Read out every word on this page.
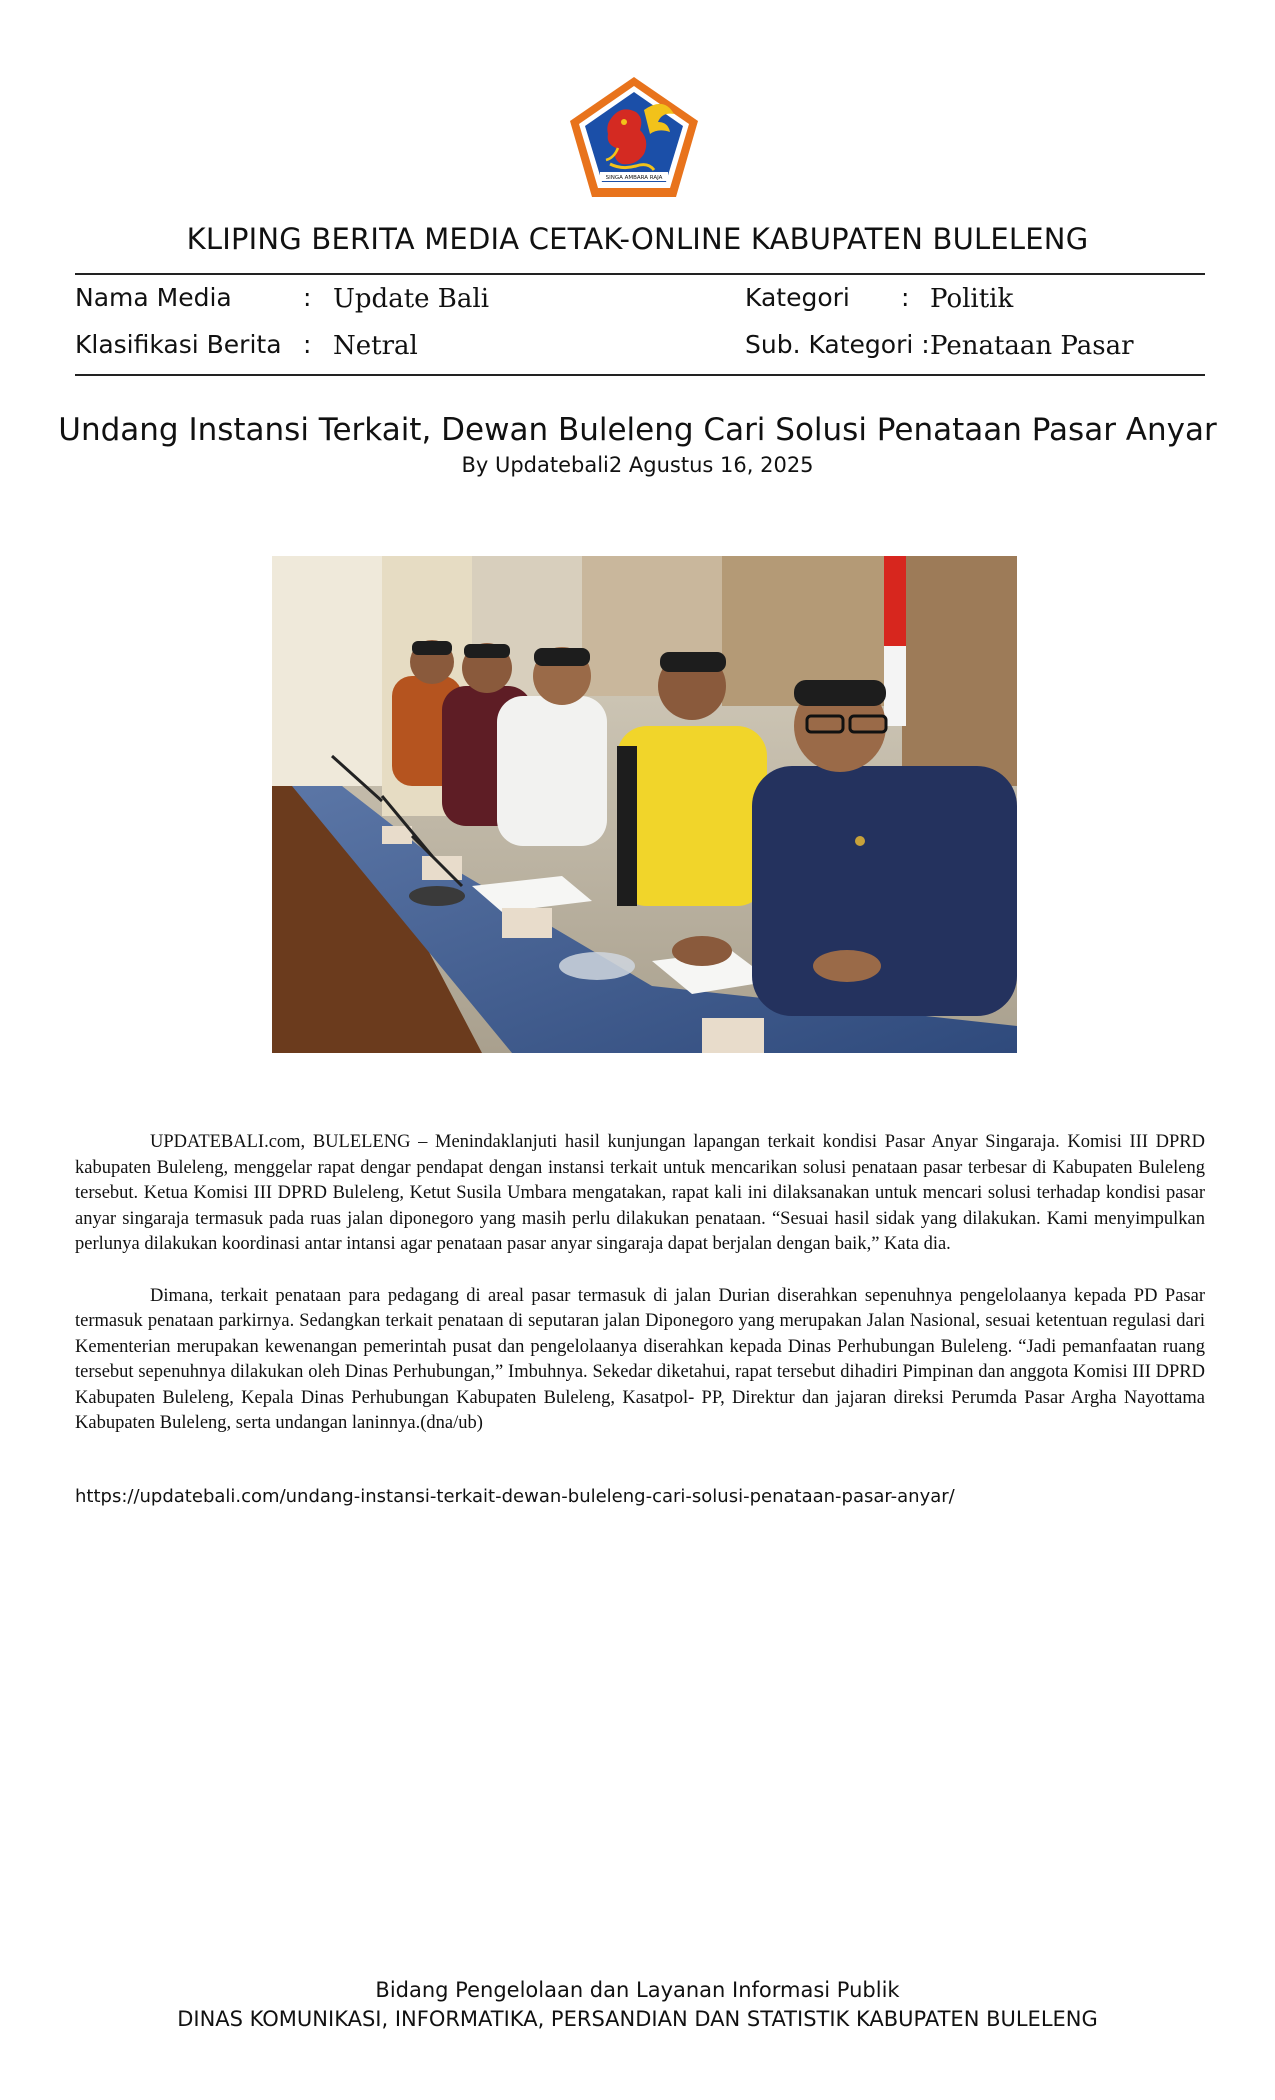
SINGA AMBARA RAJA
KLIPING BERITA MEDIA CETAK-ONLINE KABUPATEN BULELENG
Nama Media	: Update Bali
Klasifikasi Berita : Netral
Kategori : Politik
Sub. Kategori : Penataan Pasar
Undang Instansi Terkait, Dewan Buleleng Cari Solusi Penataan Pasar Anyar
By Updatebali2 Agustus 16, 2025

UPDATEBALI.com, BULELENG – Menindaklanjuti hasil kunjungan lapangan terkait kondisi Pasar Anyar Singaraja. Komisi III DPRD kabupaten Buleleng, menggelar rapat dengar pendapat dengan instansi terkait untuk mencarikan solusi penataan pasar terbesar di Kabupaten Buleleng tersebut. Ketua Komisi III DPRD Buleleng, Ketut Susila Umbara mengatakan, rapat kali ini dilaksanakan untuk mencari solusi terhadap kondisi pasar anyar singaraja termasuk pada ruas jalan diponegoro yang masih perlu dilakukan penataan. “Sesuai hasil sidak yang dilakukan. Kami menyimpulkan perlunya dilakukan koordinasi antar intansi agar penataan pasar anyar singaraja dapat berjalan dengan baik,” Kata dia.

Dimana, terkait penataan para pedagang di areal pasar termasuk di jalan Durian diserahkan sepenuhnya pengelolaanya kepada PD Pasar termasuk penataan parkirnya. Sedangkan terkait penataan di seputaran jalan Diponegoro yang merupakan Jalan Nasional, sesuai ketentuan regulasi dari Kementerian merupakan kewenangan pemerintah pusat dan pengelolaanya diserahkan kepada Dinas Perhubungan Buleleng. “Jadi pemanfaatan ruang tersebut sepenuhnya dilakukan oleh Dinas Perhubungan,” Imbuhnya. Sekedar diketahui, rapat tersebut dihadiri Pimpinan dan anggota Komisi III DPRD Kabupaten Buleleng, Kepala Dinas Perhubungan Kabupaten Buleleng, Kasatpol- PP, Direktur dan jajaran direksi Perumda Pasar Argha Nayottama Kabupaten Buleleng, serta undangan laninnya.(dna/ub)

https://updatebali.com/undang-instansi-terkait-dewan-buleleng-cari-solusi-penataan-pasar-anyar/
Bidang Pengelolaan dan Layanan Informasi Publik
DINAS KOMUNIKASI, INFORMATIKA, PERSANDIAN DAN STATISTIK KABUPATEN BULELENG
